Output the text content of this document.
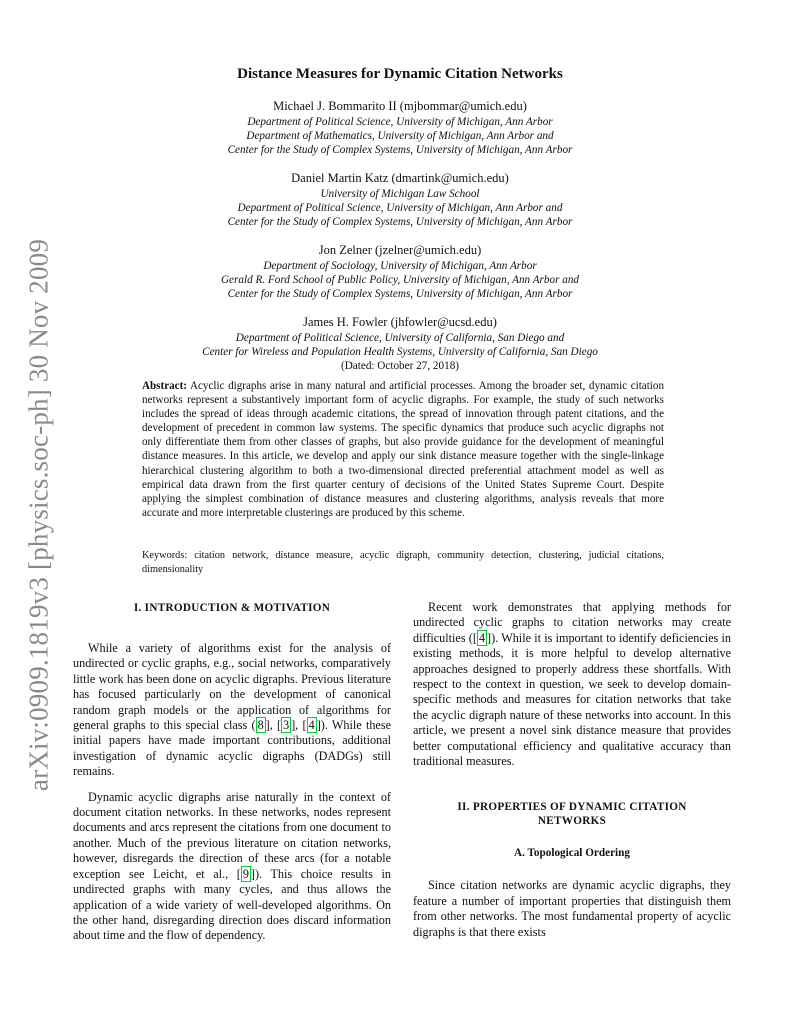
arXiv:0909.1819v3 [physics.soc-ph] 30 Nov 2009
Distance Measures for Dynamic Citation Networks
Michael J. Bommarito II (mjbommar@umich.edu)
Department of Political Science, University of Michigan, Ann Arbor
Department of Mathematics, University of Michigan, Ann Arbor and
Center for the Study of Complex Systems, University of Michigan, Ann Arbor
Daniel Martin Katz (dmartink@umich.edu)
University of Michigan Law School
Department of Political Science, University of Michigan, Ann Arbor and
Center for the Study of Complex Systems, University of Michigan, Ann Arbor
Jon Zelner (jzelner@umich.edu)
Department of Sociology, University of Michigan, Ann Arbor
Gerald R. Ford School of Public Policy, University of Michigan, Ann Arbor and
Center for the Study of Complex Systems, University of Michigan, Ann Arbor
James H. Fowler (jhfowler@ucsd.edu)
Department of Political Science, University of California, San Diego and
Center for Wireless and Population Health Systems, University of California, San Diego
(Dated: October 27, 2018)
Abstract: Acyclic digraphs arise in many natural and artificial processes. Among the broader set, dynamic citation networks represent a substantively important form of acyclic digraphs. For example, the study of such networks includes the spread of ideas through academic citations, the spread of innovation through patent citations, and the development of precedent in common law systems. The specific dynamics that produce such acyclic digraphs not only differentiate them from other classes of graphs, but also provide guidance for the development of meaningful distance measures. In this article, we develop and apply our sink distance measure together with the single-linkage hierarchical clustering algorithm to both a two-dimensional directed preferential attachment model as well as empirical data drawn from the first quarter century of decisions of the United States Supreme Court. Despite applying the simplest combination of distance measures and clustering algorithms, analysis reveals that more accurate and more interpretable clusterings are produced by this scheme.
Keywords: citation network, distance measure, acyclic digraph, community detection, clustering, judicial citations, dimensionality
I. INTRODUCTION & MOTIVATION

While a variety of algorithms exist for the analysis of undirected or cyclic graphs, e.g., social networks, comparatively little work has been done on acyclic digraphs. Previous literature has focused particularly on the development of canonical random graph models or the application of algorithms for general graphs to this special class ( 8 ], [ 3 ], [ 4 ]). While these initial papers have made important contributions, additional investigation of dynamic acyclic digraphs (DADGs) still remains.

Dynamic acyclic digraphs arise naturally in the context of document citation networks. In these networks, nodes represent documents and arcs represent the citations from one document to another. Much of the previous literature on citation networks, however, disregards the direction of these arcs (for a notable exception see Leicht, et al., [ 9 ]). This choice results in undirected graphs with many cycles, and thus allows the application of a wide variety of well-developed algorithms. On the other hand, disregarding direction does discard information about time and the flow of dependency.

Recent work demonstrates that applying methods for undirected cyclic graphs to citation networks may create difficulties ([ 4 ]). While it is important to identify deficiencies in existing methods, it is more helpful to develop alternative approaches designed to properly address these shortfalls. With respect to the context in question, we seek to develop domain-specific methods and measures for citation networks that take the acyclic digraph nature of these networks into account. In this article, we present a novel sink distance measure that provides better computational efficiency and qualitative accuracy than traditional measures.

II. PROPERTIES OF DYNAMIC CITATION
NETWORKS
A. Topological Ordering

Since citation networks are dynamic acyclic digraphs, they feature a number of important properties that distinguish them from other networks. The most fundamental property of acyclic digraphs is that there exists
